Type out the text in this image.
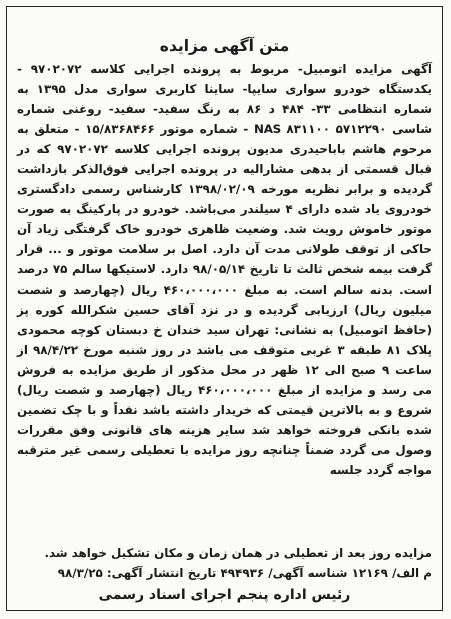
متن آگهی مزایده
آگهی مزایده اتومبیل- مربوط به پرونده اجرایی کلاسه ۹۷۰۲۰۷۲ - یکدستگاه خودرو سواری سایپا- ساینا کاربری سواری مدل ۱۳۹۵ به شماره انتظامی ۳۳- ۴۸۴ د ۸۶ به رنگ سفید- سفید- روغنی شماره شاسی ۵۷۱۲۲۹۰ NAS ۸۳۱۱۰۰ - شماره موتور ۱۵/۸۳۶۸۴۶۶ - متعلق به مرحوم هاشم باباحیدری مدیون پرونده اجرایی کلاسه ۹۷۰۲۰۷۲ که در قبال قسمتی از بدهی مشارالیه در پرونده اجرایی فوق‌الذکر بازداشت گردیده و برابر نظریه مورخه ۱۳۹۸/۰۲/۰۹ کارشناس رسمی دادگستری خودروی یاد شده دارای ۴ سیلندر می‌باشد. خودرو در پارکینگ به صورت موتور خاموش رویت شد. وضعیت ظاهری خودرو خاک گرفتگی زیاد آن حاکی از توقف طولانی مدت آن دارد. اصل بر سلامت موتور و ... قرار گرفت بیمه شخص ثالث تا تاریخ ۹۸/۰۵/۱۴ دارد. لاستیکها سالم ۷۵ درصد است. بدنه سالم است. به مبلغ ۴۶۰،۰۰۰،۰۰۰ ریال (چهارصد و شصت میلیون ریال) ارزیابی گردیده و در نزد آقای حسین شکرالله کوره پز (حافظ اتومبیل) به نشانی: تهران سید خندان خ دبستان کوچه محمودی پلاک ۸۱ طبقه ۳ غربی متوقف می باشد در روز شنبه مورخ ۹۸/۴/۲۲ از ساعت ۹ صبح الی ۱۲ ظهر در محل مذکور از طریق مزایده به فروش می رسد و مزایده از مبلغ ۴۶۰،۰۰۰،۰۰۰ ریال (چهارصد و شصت ریال) شروع و به بالاترین قیمتی که خریدار داشته باشد نقداً و با چک تضمین شده بانکی فروخته خواهد شد سایر هزینه های قانونی وفق مقررات وصول می گردد ضمناً چنانچه روز مزایده با تعطیلی رسمی غیر مترقبه مواجه گردد جلسه
مزایده روز بعد از تعطیلی در همان زمان و مکان تشکیل خواهد شد.
م الف/ ۱۲۱۶۹ شناسه آگهی/ ۴۹۴۹۳۶ تاریخ انتشار آگهی: ۹۸/۳/۲۵
رئیس اداره پنجم اجرای اسناد رسمی
